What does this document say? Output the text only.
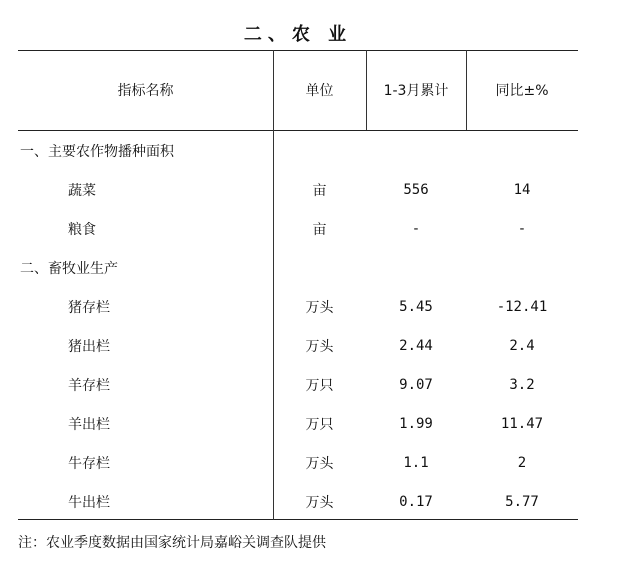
二、农 业
指标名称	单位	1-3月累计	同比±%
一、主要农作物播种面积
蔬菜	亩	556	14
粮食	亩	-	-
二、畜牧业生产
猪存栏	万头	5.45	-12.41
猪出栏	万头	2.44	2.4
羊存栏	万只	9.07	3.2
羊出栏	万只	1.99	11.47
牛存栏	万头	1.1	2
牛出栏	万头	0.17	5.77
注：农业季度数据由国家统计局嘉峪关调查队提供
